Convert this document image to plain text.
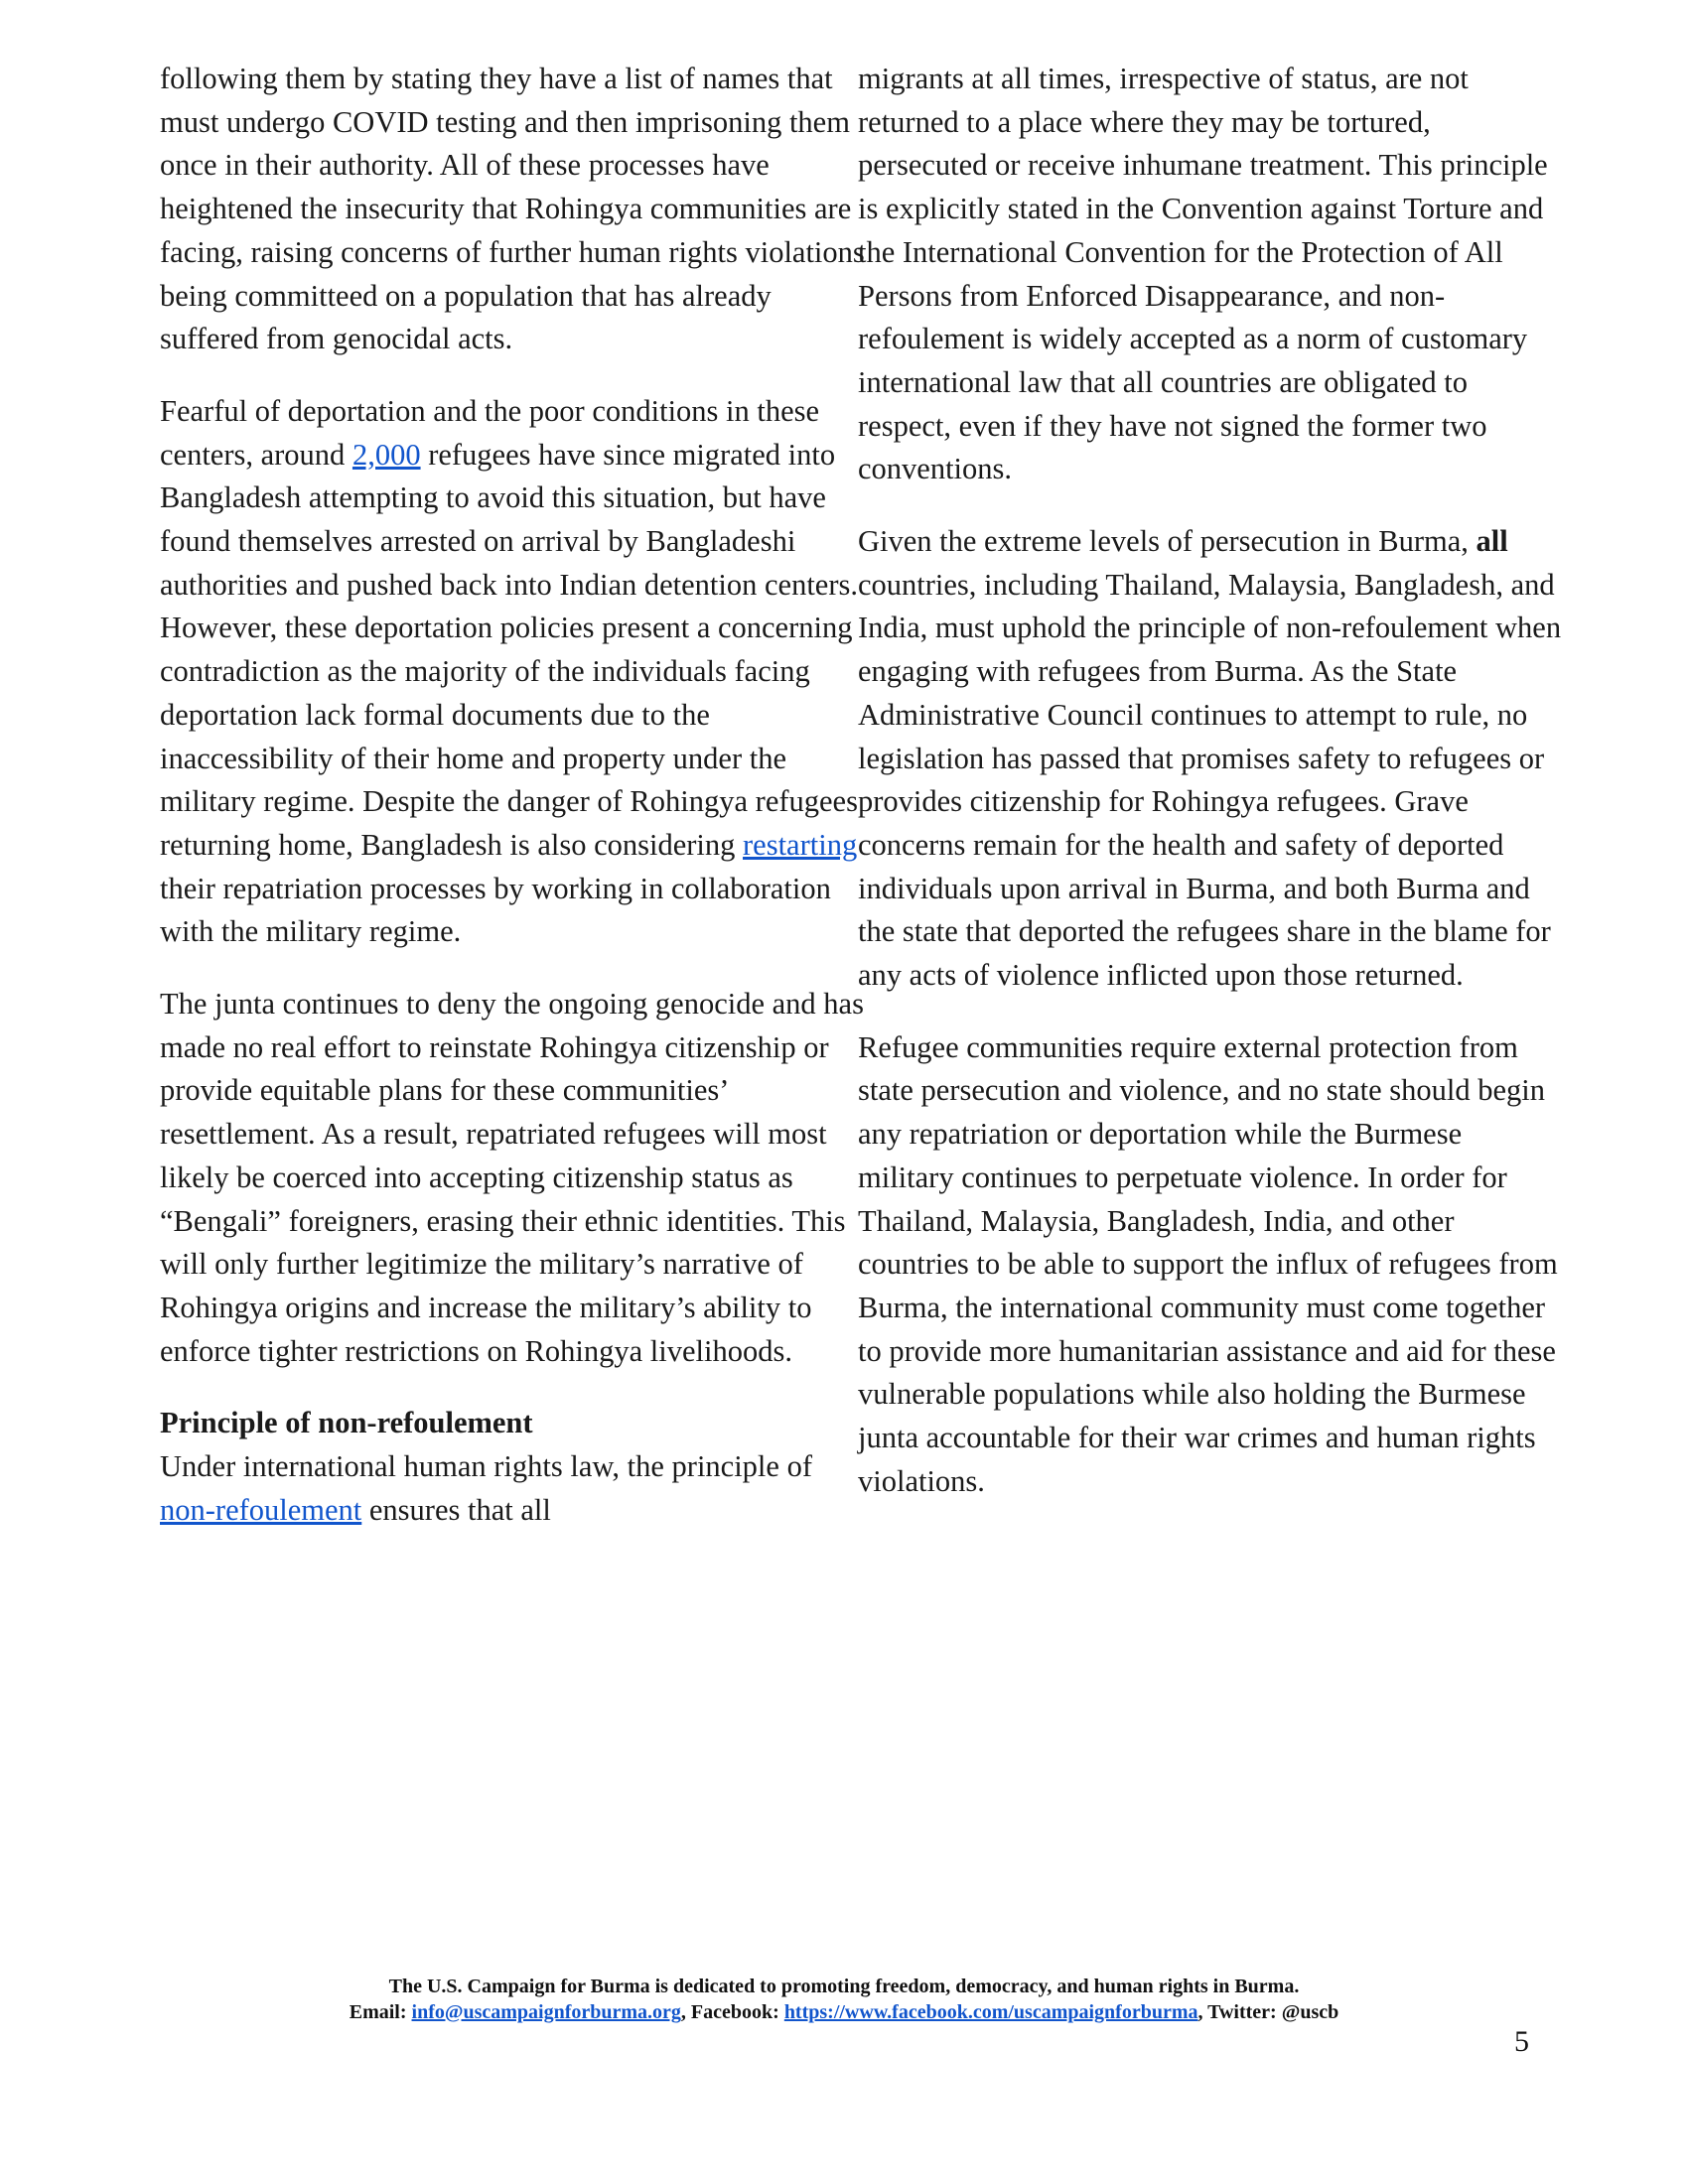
following them by stating they have a list of names that must undergo COVID testing and then imprisoning them once in their authority. All of these processes have heightened the insecurity that Rohingya communities are facing, raising concerns of further human rights violations being committeed on a population that has already suffered from genocidal acts.

Fearful of deportation and the poor conditions in these centers, around 2,000 refugees have since migrated into Bangladesh attempting to avoid this situation, but have found themselves arrested on arrival by Bangladeshi authorities and pushed back into Indian detention centers. However, these deportation policies present a concerning contradiction as the majority of the individuals facing deportation lack formal documents due to the inaccessibility of their home and property under the military regime. Despite the danger of Rohingya refugees returning home, Bangladesh is also considering restarting their repatriation processes by working in collaboration with the military regime.

The junta continues to deny the ongoing genocide and has made no real effort to reinstate Rohingya citizenship or provide equitable plans for these communities’ resettlement. As a result, repatriated refugees will most likely be coerced into accepting citizenship status as “Bengali” foreigners, erasing their ethnic identities. This will only further legitimize the military’s narrative of Rohingya origins and increase the military’s ability to enforce tighter restrictions on Rohingya livelihoods.

Principle of non-refoulement
Under international human rights law, the principle of non-refoulement ensures that all

migrants at all times, irrespective of status, are not returned to a place where they may be tortured, persecuted or receive inhumane treatment. This principle is explicitly stated in the Convention against Torture and the International Convention for the Protection of All Persons from Enforced Disappearance, and non-refoulement is widely accepted as a norm of customary international law that all countries are obligated to respect, even if they have not signed the former two conventions.

Given the extreme levels of persecution in Burma, all countries, including Thailand, Malaysia, Bangladesh, and India, must uphold the principle of non-refoulement when engaging with refugees from Burma. As the State Administrative Council continues to attempt to rule, no legislation has passed that promises safety to refugees or provides citizenship for Rohingya refugees. Grave concerns remain for the health and safety of deported individuals upon arrival in Burma, and both Burma and the state that deported the refugees share in the blame for any acts of violence inflicted upon those returned.

Refugee communities require external protection from state persecution and violence, and no state should begin any repatriation or deportation while the Burmese military continues to perpetuate violence. In order for Thailand, Malaysia, Bangladesh, India, and other countries to be able to support the influx of refugees from Burma, the international community must come together to provide more humanitarian assistance and aid for these vulnerable populations while also holding the Burmese junta accountable for their war crimes and human rights violations.

The U.S. Campaign for Burma is dedicated to promoting freedom, democracy, and human rights in Burma.
Email: info@uscampaignforburma.org, Facebook: https://www.facebook.com/uscampaignforburma, Twitter: @uscb
5
